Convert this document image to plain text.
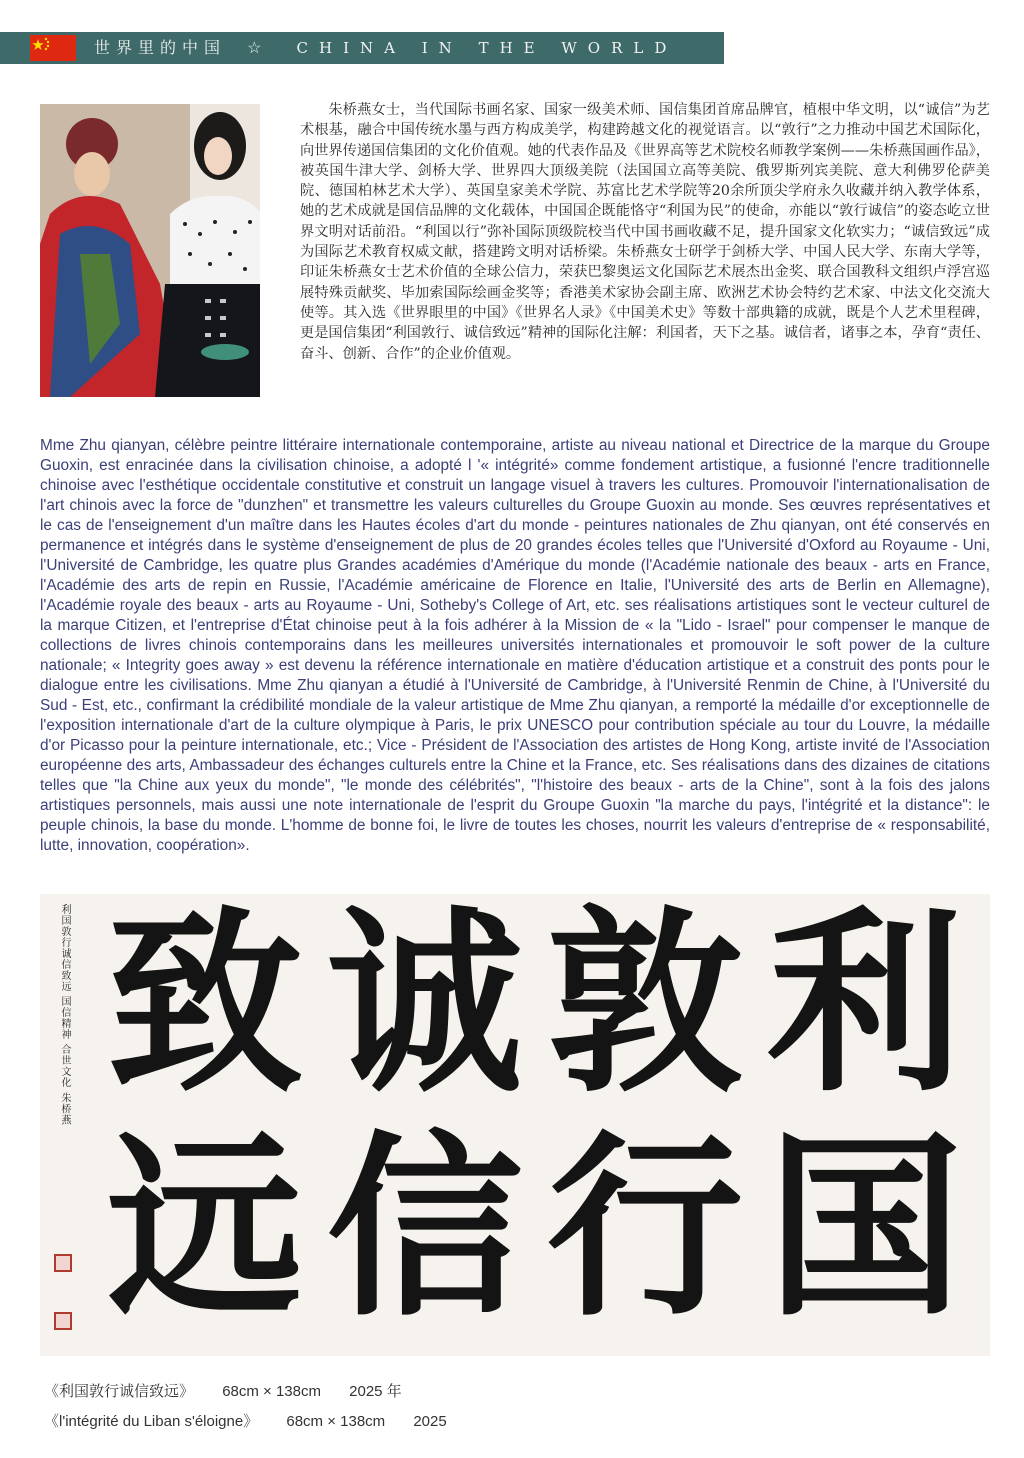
世界里的中国 ☆ CHINA IN THE WORLD

朱桥燕女士，当代国际书画名家、国家一级美术师、国信集团首席品牌官，植根中华文明，以“诚信”为艺术根基，融合中国传统水墨与西方构成美学，构建跨越文化的视觉语言。以“敦行”之力推动中国艺术国际化，向世界传递国信集团的文化价值观。她的代表作品及《世界高等艺术院校名师教学案例——朱桥燕国画作品》，被英国牛津大学、剑桥大学、世界四大顶级美院（法国国立高等美院、俄罗斯列宾美院、意大利佛罗伦萨美院、德国柏林艺术大学）、英国皇家美术学院、苏富比艺术学院等20余所顶尖学府永久收藏并纳入教学体系，她的艺术成就是国信品牌的文化载体，中国国企既能恪守“利国为民”的使命，亦能以“敦行诚信”的姿态屹立世界文明对话前沿。“利国以行”弥补国际顶级院校当代中国书画收藏不足，提升国家文化软实力；“诚信致远”成为国际艺术教育权威文献，搭建跨文明对话桥梁。朱桥燕女士研学于剑桥大学、中国人民大学、东南大学等，印证朱桥燕女士艺术价值的全球公信力，荣获巴黎奥运文化国际艺术展杰出金奖、联合国教科文组织卢浮宫巡展特殊贡献奖、毕加索国际绘画金奖等；香港美术家协会副主席、欧洲艺术协会特约艺术家、中法文化交流大使等。其入选《世界眼里的中国》《世界名人录》《中国美术史》等数十部典籍的成就，既是个人艺术里程碑，更是国信集团“利国敦行、诚信致远”精神的国际化注解：利国者，天下之基。诚信者，诸事之本，孕育“责任、奋斗、创新、合作”的企业价值观。

Mme Zhu qianyan, célèbre peintre littéraire internationale contemporaine, artiste au niveau national et Directrice de la marque du Groupe Guoxin, est enracinée dans la civilisation chinoise, a adopté l '« intégrité» comme fondement artistique, a fusionné l'encre traditionnelle chinoise avec l'esthétique occidentale constitutive et construit un langage visuel à travers les cultures. Promouvoir l'internationalisation de l'art chinois avec la force de "dunzhen" et transmettre les valeurs culturelles du Groupe Guoxin au monde. Ses œuvres représentatives et le cas de l'enseignement d'un maître dans les Hautes écoles d'art du monde - peintures nationales de Zhu qianyan, ont été conservés en permanence et intégrés dans le système d'enseignement de plus de 20 grandes écoles telles que l'Université d'Oxford au Royaume - Uni, l'Université de Cambridge, les quatre plus Grandes académies d'Amérique du monde (l'Académie nationale des beaux - arts en France, l'Académie des arts de repin en Russie, l'Académie américaine de Florence en Italie, l'Université des arts de Berlin en Allemagne), l'Académie royale des beaux - arts au Royaume - Uni, Sotheby's College of Art, etc. ses réalisations artistiques sont le vecteur culturel de la marque Citizen, et l'entreprise d'État chinoise peut à la fois adhérer à la Mission de « la "Lido - Israel" pour compenser le manque de collections de livres chinois contemporains dans les meilleures universités internationales et promouvoir le soft power de la culture nationale; « Integrity goes away » est devenu la référence internationale en matière d'éducation artistique et a construit des ponts pour le dialogue entre les civilisations. Mme Zhu qianyan a étudié à l'Université de Cambridge, à l'Université Renmin de Chine, à l'Université du Sud - Est, etc., confirmant la crédibilité mondiale de la valeur artistique de Mme Zhu qianyan, a remporté la médaille d'or exceptionnelle de l'exposition internationale d'art de la culture olympique à Paris, le prix UNESCO pour contribution spéciale au tour du Louvre, la médaille d'or Picasso pour la peinture internationale, etc.; Vice - Président de l'Association des artistes de Hong Kong, artiste invité de l'Association européenne des arts, Ambassadeur des échanges culturels entre la Chine et la France, etc. Ses réalisations dans des dizaines de citations telles que "la Chine aux yeux du monde", "le monde des célébrités", "l'histoire des beaux - arts de la Chine", sont à la fois des jalons artistiques personnels, mais aussi une note internationale de l'esprit du Groupe Guoxin "la marche du pays, l'intégrité et la distance": le peuple chinois, la base du monde. L'homme de bonne foi, le livre de toutes les choses, nourrit les valeurs d'entreprise de « responsabilité, lutte, innovation, coopération».

利国敦行诚信致远 国信精神 合世文化 朱桥燕	利
敦
诚
致
国
行
信
远
《利国敦行诚信致远》 68cm × 138cm 2025 年
《l'intégrité du Liban s'éloigne》 68cm × 138cm 2025
